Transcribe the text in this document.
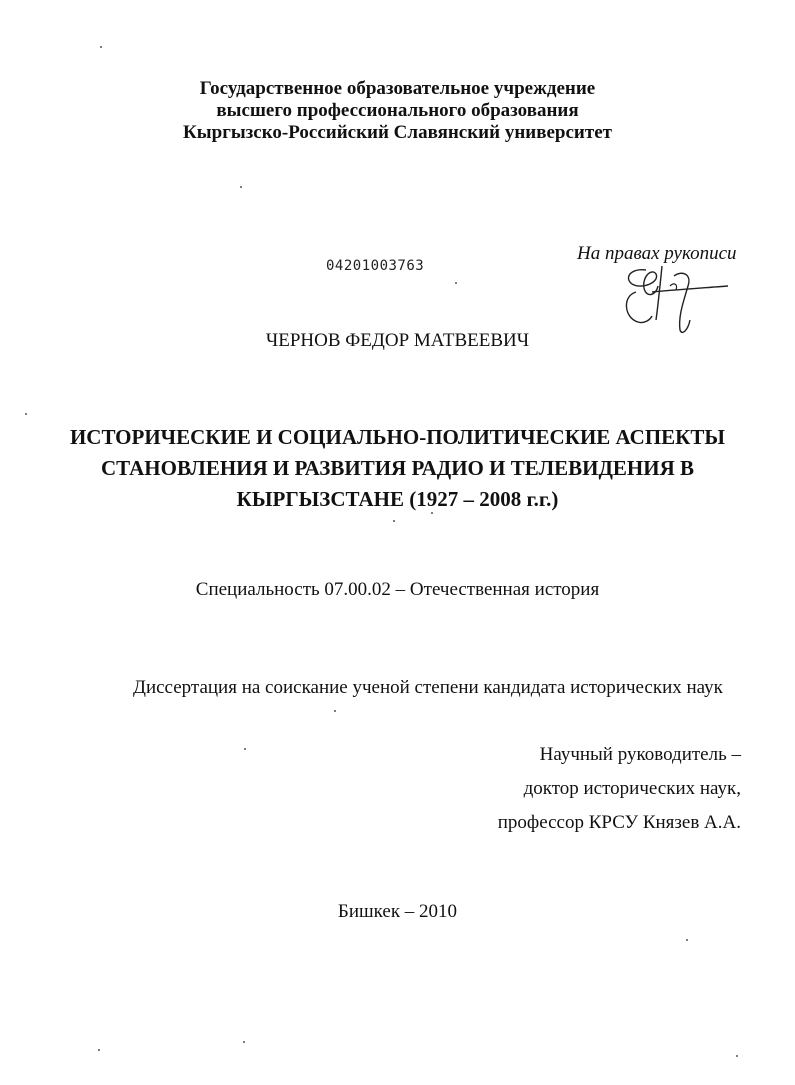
Государственное образовательное учреждение
высшего профессионального образования
Кыргызско-Российский Славянский университет
04201003763
На правах рукописи
ЧЕРНОВ ФЕДОР МАТВЕЕВИЧ
ИСТОРИЧЕСКИЕ И СОЦИАЛЬНО-ПОЛИТИЧЕСКИЕ АСПЕКТЫ
СТАНОВЛЕНИЯ И РАЗВИТИЯ РАДИО И ТЕЛЕВИДЕНИЯ В
КЫРГЫЗСТАНЕ (1927 – 2008 г.г.)
Специальность 07.00.02 – Отечественная история
Диссертация на соискание ученой степени кандидата исторических наук
Научный руководитель –
доктор исторических наук,
профессор КРСУ Князев А.А.
Бишкек – 2010
